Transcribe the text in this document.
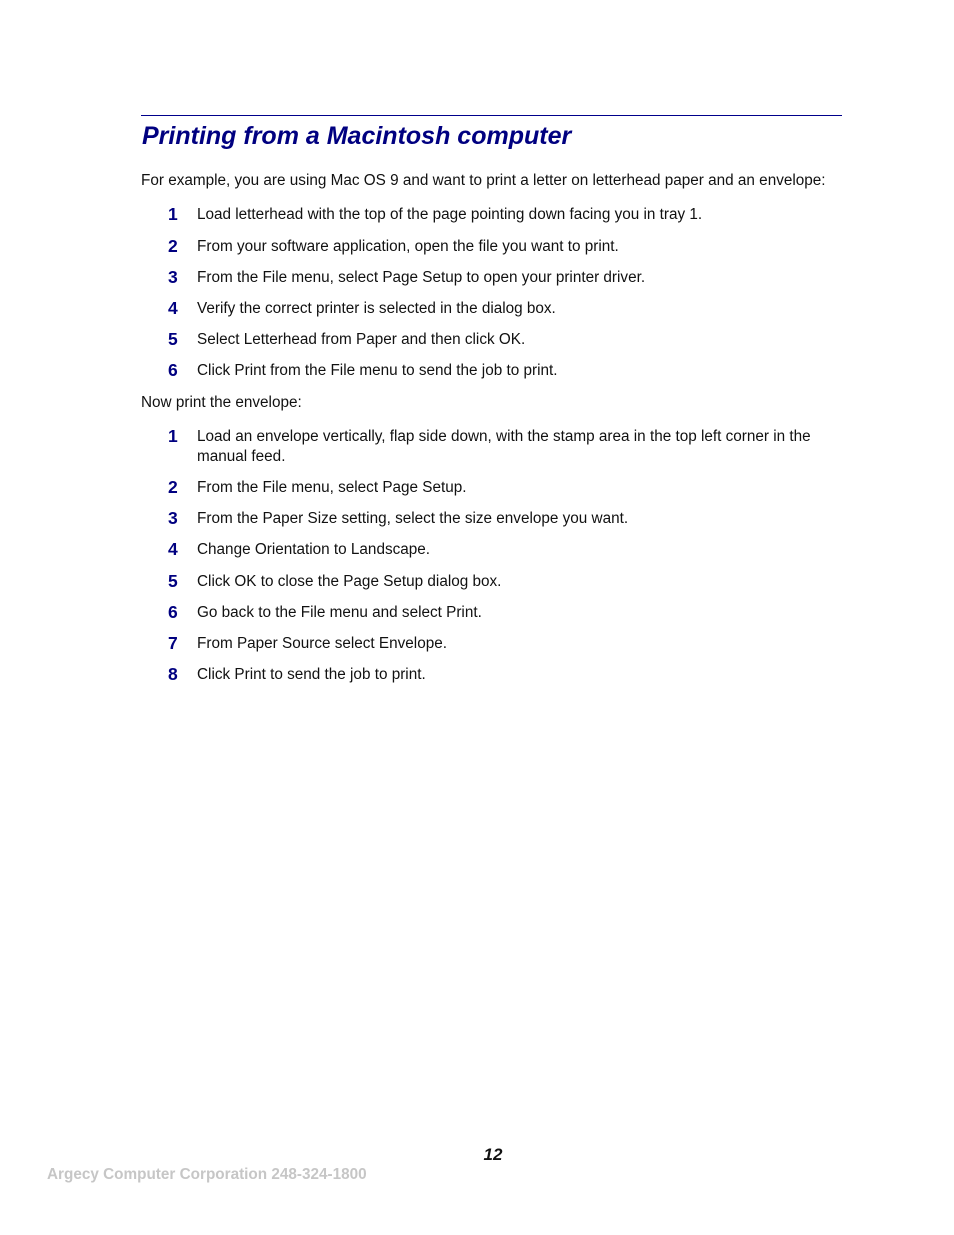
Printing from a Macintosh computer

For example, you are using Mac OS 9 and want to print a letter on letterhead paper and an envelope:

1 Load letterhead with the top of the page pointing down facing you in tray 1.
2 From your software application, open the file you want to print.
3 From the File menu, select Page Setup to open your printer driver.
4 Verify the correct printer is selected in the dialog box.
5 Select Letterhead from Paper and then click OK.
6 Click Print from the File menu to send the job to print.

Now print the envelope:

1 Load an envelope vertically, flap side down, with the stamp area in the top left corner in the manual feed.
2 From the File menu, select Page Setup.
3 From the Paper Size setting, select the size envelope you want.
4 Change Orientation to Landscape.
5 Click OK to close the Page Setup dialog box.
6 Go back to the File menu and select Print.
7 From Paper Source select Envelope.
8 Click Print to send the job to print.
12
Argecy Computer Corporation 248-324-1800
